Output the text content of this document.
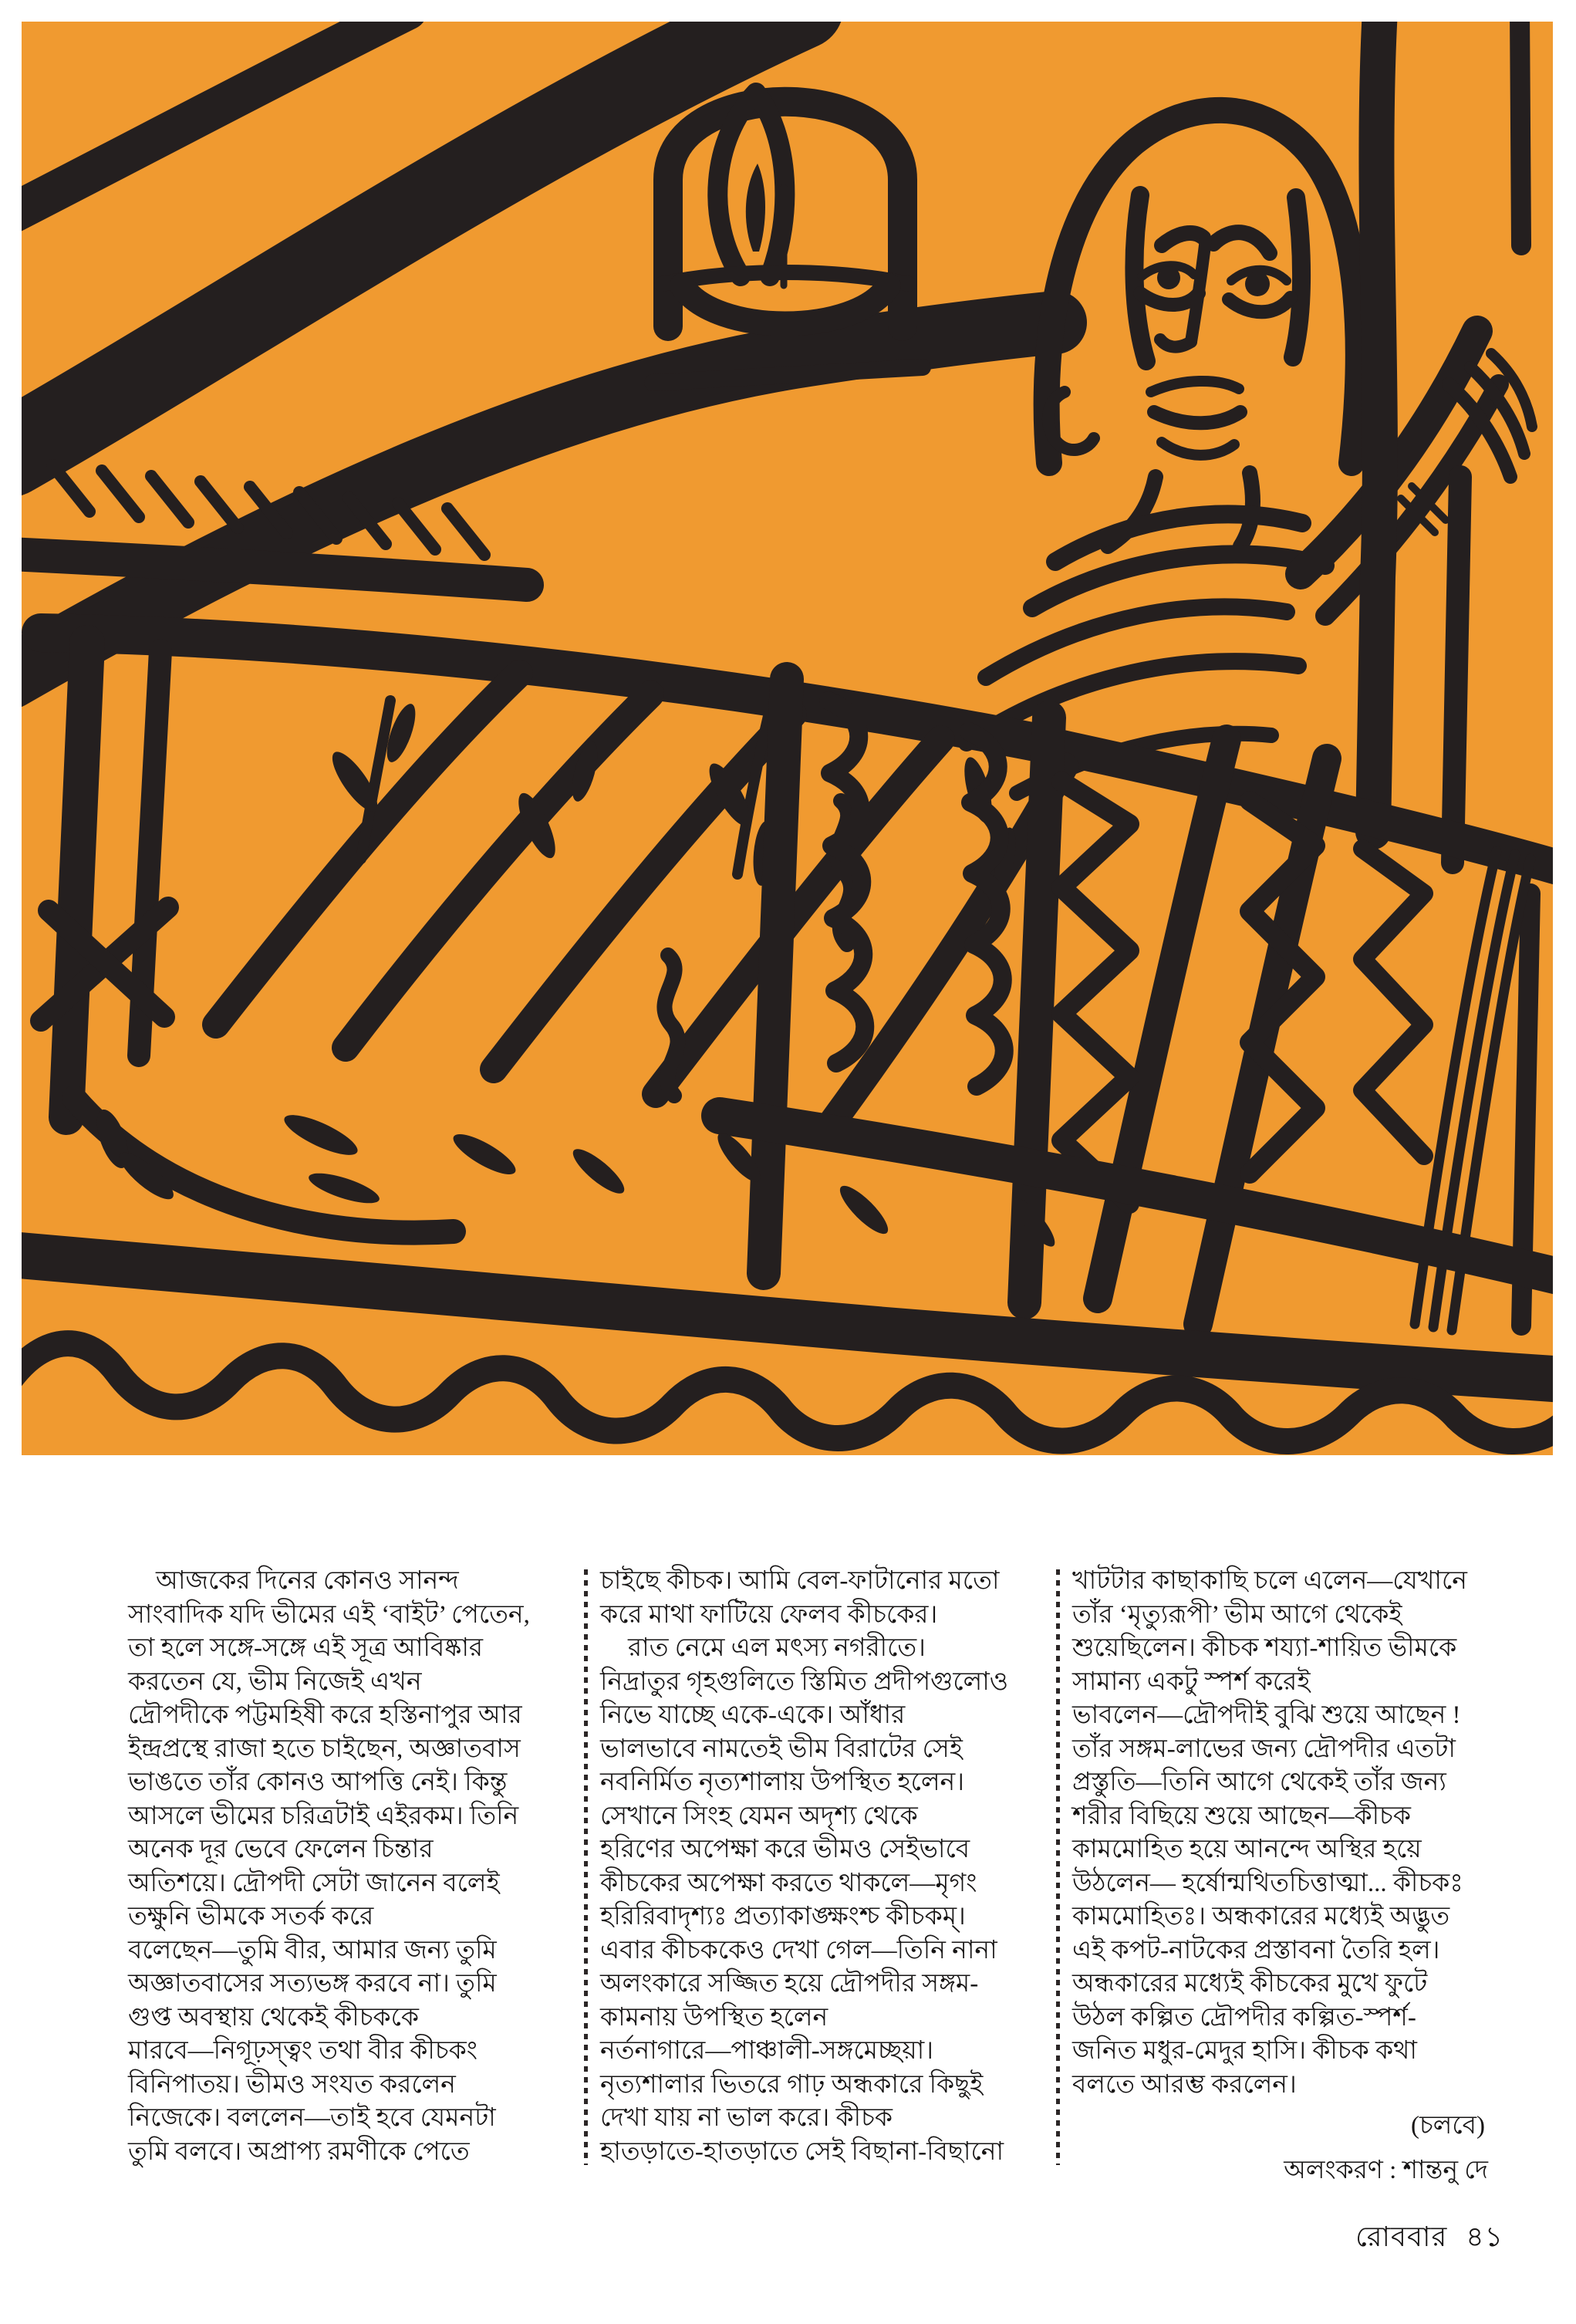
আজকের দিনের কোনও সানন্দ
সাংবাদিক যদি ভীমের এই ‘বাইট’ পেতেন,
তা হলে সঙ্গে-সঙ্গে এই সূত্র আবিষ্কার
করতেন যে, ভীম নিজেই এখন
দ্রৌপদীকে পট্টমহিষী করে হস্তিনাপুর আর
ইন্দ্রপ্রস্থে রাজা হতে চাইছেন, অজ্ঞাতবাস
ভাঙতে তাঁর কোনও আপত্তি নেই। কিন্তু
আসলে ভীমের চরিত্রটাই এইরকম। তিনি
অনেক দূর ভেবে ফেলেন চিন্তার
অতিশয়ে। দ্রৌপদী সেটা জানেন বলেই
তক্ষুনি ভীমকে সতর্ক করে
বলেছেন—তুমি বীর, আমার জন্য তুমি
অজ্ঞাতবাসের সত্যভঙ্গ করবে না। তুমি
গুপ্ত অবস্থায় থেকেই কীচককে
মারবে—নিগূঢ়স্ত্বং তথা বীর কীচকং
বিনিপাতয়। ভীমও সংযত করলেন
নিজেকে। বললেন—তাই হবে যেমনটা
তুমি বলবে। অপ্রাপ্য রমণীকে পেতে
চাইছে কীচক। আমি বেল-ফাটানোর মতো
করে মাথা ফাটিয়ে ফেলব কীচকের।
রাত নেমে এল মৎস্য নগরীতে।
নিদ্রাতুর গৃহগুলিতে স্তিমিত প্রদীপগুলোও
নিভে যাচ্ছে একে-একে। আঁধার
ভালভাবে নামতেই ভীম বিরাটের সেই
নবনির্মিত নৃত্যশালায় উপস্থিত হলেন।
সেখানে সিংহ যেমন অদৃশ্য থেকে
হরিণের অপেক্ষা করে ভীমও সেইভাবে
কীচকের অপেক্ষা করতে থাকলে—মৃগং
হরিরিবাদৃশ্যঃ প্রত্যাকাঙ্ক্ষংশ্চ কীচকম্।
এবার কীচককেও দেখা গেল—তিনি নানা
অলংকারে সজ্জিত হয়ে দ্রৌপদীর সঙ্গম-
কামনায় উপস্থিত হলেন
নর্তনাগারে—পাঞ্চালী-সঙ্গমেচ্ছয়া।
নৃত্যশালার ভিতরে গাঢ় অন্ধকারে কিছুই
দেখা যায় না ভাল করে। কীচক
হাতড়াতে-হাতড়াতে সেই বিছানা-বিছানো
খাটটার কাছাকাছি চলে এলেন—যেখানে
তাঁর ‘মৃত্যুরূপী’ ভীম আগে থেকেই
শুয়েছিলেন। কীচক শয্যা-শায়িত ভীমকে
সামান্য একটু স্পর্শ করেই
ভাবলেন—দ্রৌপদীই বুঝি শুয়ে আছেন !
তাঁর সঙ্গম-লাভের জন্য দ্রৌপদীর এতটা
প্রস্তুতি—তিনি আগে থেকেই তাঁর জন্য
শরীর বিছিয়ে শুয়ে আছেন—কীচক
কামমোহিত হয়ে আনন্দে অস্থির হয়ে
উঠলেন— হর্ষোন্মথিতচিত্তাত্মা... কীচকঃ
কামমোহিতঃ। অন্ধকারের মধ্যেই অদ্ভুত
এই কপট-নাটকের প্রস্তাবনা তৈরি হল।
অন্ধকারের মধ্যেই কীচকের মুখে ফুটে
উঠল কল্পিত দ্রৌপদীর কল্পিত-স্পর্শ-
জনিত মধুর-মেদুর হাসি। কীচক কথা
বলতে আরম্ভ করলেন।
(চলবে)
অলংকরণ : শান্তনু দে
রোববার ৪১
